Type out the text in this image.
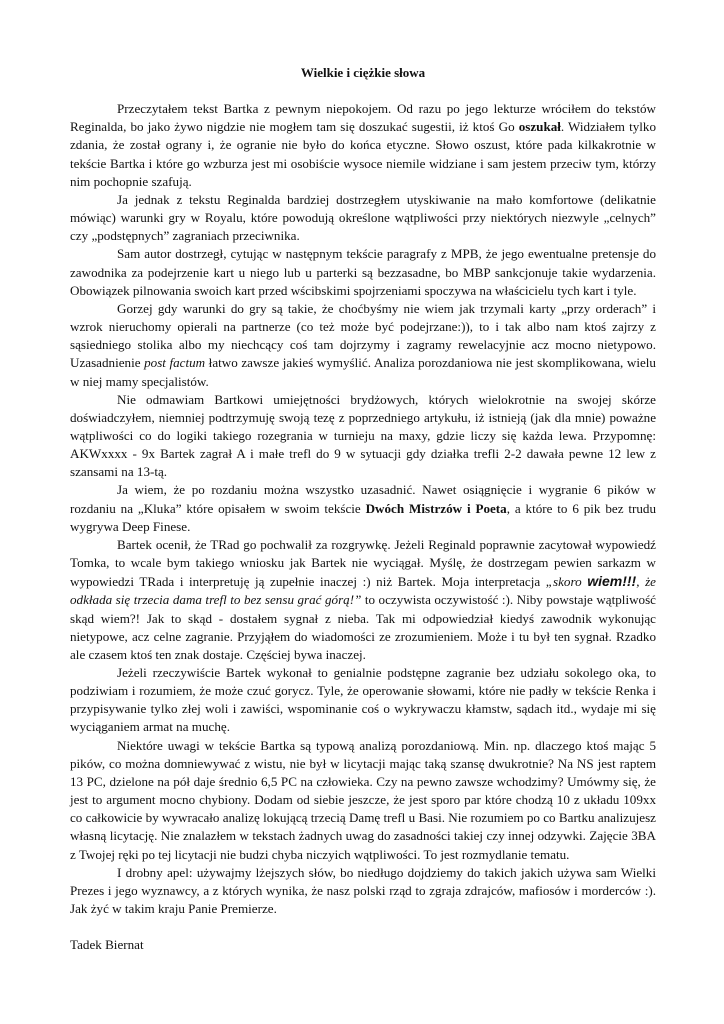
Wielkie i ciężkie słowa

Przeczytałem tekst Bartka z pewnym niepokojem. Od razu po jego lekturze wróciłem do tekstów Reginalda, bo jako żywo nigdzie nie mogłem tam się doszukać sugestii, iż ktoś Go oszukał. Widziałem tylko zdania, że został ograny i, że ogranie nie było do końca etyczne. Słowo oszust, które pada kilkakrotnie w tekście Bartka i które go wzburza jest mi osobiście wysoce niemile widziane i sam jestem przeciw tym, którzy nim pochopnie szafują.

Ja jednak z tekstu Reginalda bardziej dostrzegłem utyskiwanie na mało komfortowe (delikatnie mówiąc) warunki gry w Royalu, które powodują określone wątpliwości przy niektórych niezwyle „celnych” czy „podstępnych” zagraniach przeciwnika.

Sam autor dostrzegł, cytując w następnym tekście paragrafy z MPB, że jego ewentualne pretensje do zawodnika za podejrzenie kart u niego lub u parterki są bezzasadne, bo MBP sankcjonuje takie wydarzenia. Obowiązek pilnowania swoich kart przed wścibskimi spojrzeniami spoczywa na właścicielu tych kart i tyle.

Gorzej gdy warunki do gry są takie, że choćbyśmy nie wiem jak trzymali karty „przy orderach” i wzrok nieruchomy opierali na partnerze (co też może być podejrzane:)), to i tak albo nam ktoś zajrzy z sąsiedniego stolika albo my niechcący coś tam dojrzymy i zagramy rewelacyjnie acz mocno nietypowo. Uzasadnienie post factum łatwo zawsze jakieś wymyślić. Analiza porozdaniowa nie jest skomplikowana, wielu w niej mamy specjalistów.

Nie odmawiam Bartkowi umiejętności brydżowych, których wielokrotnie na swojej skórze doświadczyłem, niemniej podtrzymuję swoją tezę z poprzedniego artykułu, iż istnieją (jak dla mnie) poważne wątpliwości co do logiki takiego rozegrania w turnieju na maxy, gdzie liczy się każda lewa. Przypomnę: AKWxxxx - 9x Bartek zagrał A i małe trefl do 9 w sytuacji gdy działka trefli 2-2 dawała pewne 12 lew z szansami na 13-tą.

Ja wiem, że po rozdaniu można wszystko uzasadnić. Nawet osiągnięcie i wygranie 6 pików w rozdaniu na „Kluka” które opisałem w swoim tekście Dwóch Mistrzów i Poeta, a które to 6 pik bez trudu wygrywa Deep Finese.

Bartek ocenił, że TRad go pochwalił za rozgrywkę. Jeżeli Reginald poprawnie zacytował wypowiedź Tomka, to wcale bym takiego wniosku jak Bartek nie wyciągał. Myślę, że dostrzegam pewien sarkazm w wypowiedzi TRada i interpretuję ją zupełnie inaczej :) niż Bartek. Moja interpretacja „skoro wiem!!!, że odkłada się trzecia dama trefl to bez sensu grać górą!” to oczywista oczywistość :). Niby powstaje wątpliwość skąd wiem?! Jak to skąd - dostałem sygnał z nieba. Tak mi odpowiedział kiedyś zawodnik wykonując nietypowe, acz celne zagranie. Przyjąłem do wiadomości ze zrozumieniem. Może i tu był ten sygnał. Rzadko ale czasem ktoś ten znak dostaje. Częściej bywa inaczej.

Jeżeli rzeczywiście Bartek wykonał to genialnie podstępne zagranie bez udziału sokolego oka, to podziwiam i rozumiem, że może czuć gorycz. Tyle, że operowanie słowami, które nie padły w tekście Renka i przypisywanie tylko złej woli i zawiści, wspominanie coś o wykrywaczu kłamstw, sądach itd., wydaje mi się wyciąganiem armat na muchę.

Niektóre uwagi w tekście Bartka są typową analizą porozdaniową. Min. np. dlaczego ktoś mając 5 pików, co można domniewywać z wistu, nie był w licytacji mając taką szansę dwukrotnie? Na NS jest raptem 13 PC, dzielone na pół daje średnio 6,5 PC na człowieka. Czy na pewno zawsze wchodzimy? Umówmy się, że jest to argument mocno chybiony. Dodam od siebie jeszcze, że jest sporo par które chodzą 10 z układu 109xx co całkowicie by wywracało analizę lokującą trzecią Damę trefl u Basi. Nie rozumiem po co Bartku analizujesz własną licytację. Nie znalazłem w tekstach żadnych uwag do zasadności takiej czy innej odzywki. Zajęcie 3BA z Twojej ręki po tej licytacji nie budzi chyba niczyich wątpliwości. To jest rozmydlanie tematu.

I drobny apel: używajmy lżejszych słów, bo niedługo dojdziemy do takich jakich używa sam Wielki Prezes i jego wyznawcy, a z których wynika, że nasz polski rząd to zgraja zdrajców, mafiosów i morderców :). Jak żyć w takim kraju Panie Premierze.

Tadek Biernat
